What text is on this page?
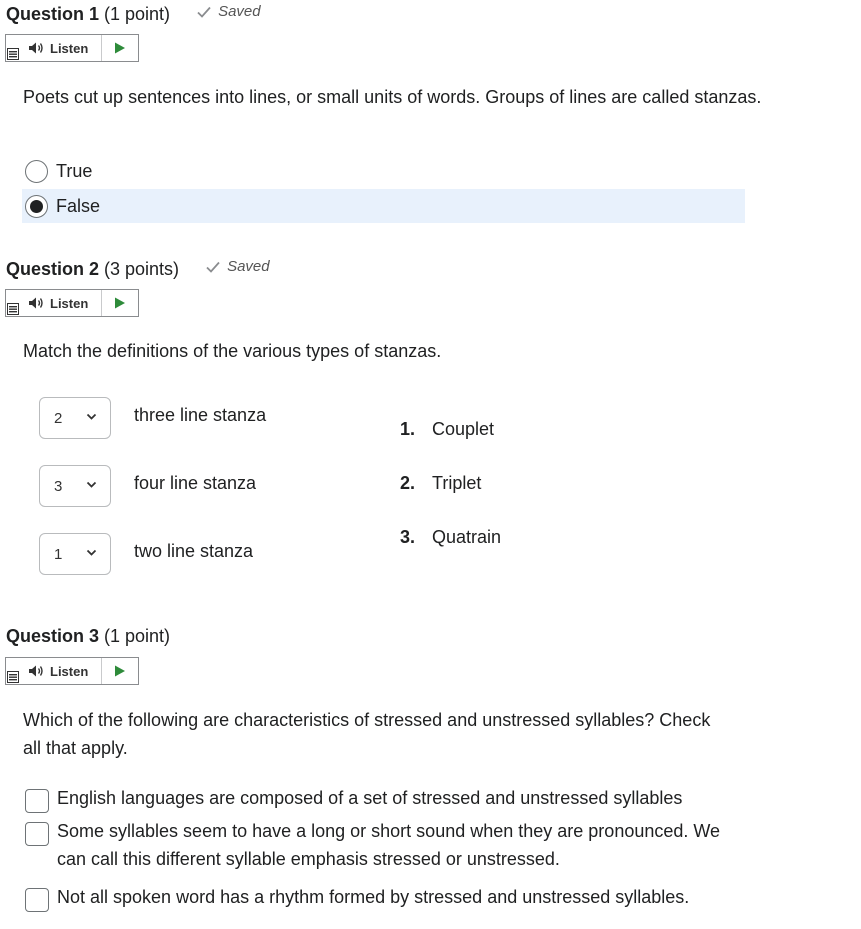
Question 1 (1 point)	Saved
Listen
Poets cut up sentences into lines, or small units of words. Groups of lines are called stanzas.
True
False
Question 2 (3 points)	Saved
Listen
Match the definitions of the various types of stanzas.
2	three line stanza
3	four line stanza
1	two line stanza
1. Couplet
2. Triplet
3. Quatrain
Question 3 (1 point)
Listen
Which of the following are characteristics of stressed and unstressed syllables? Check all that apply.
English languages are composed of a set of stressed and unstressed syllables
Some syllables seem to have a long or short sound when they are pronounced. We can call this different syllable emphasis stressed or unstressed.
Not all spoken word has a rhythm formed by stressed and unstressed syllables.
